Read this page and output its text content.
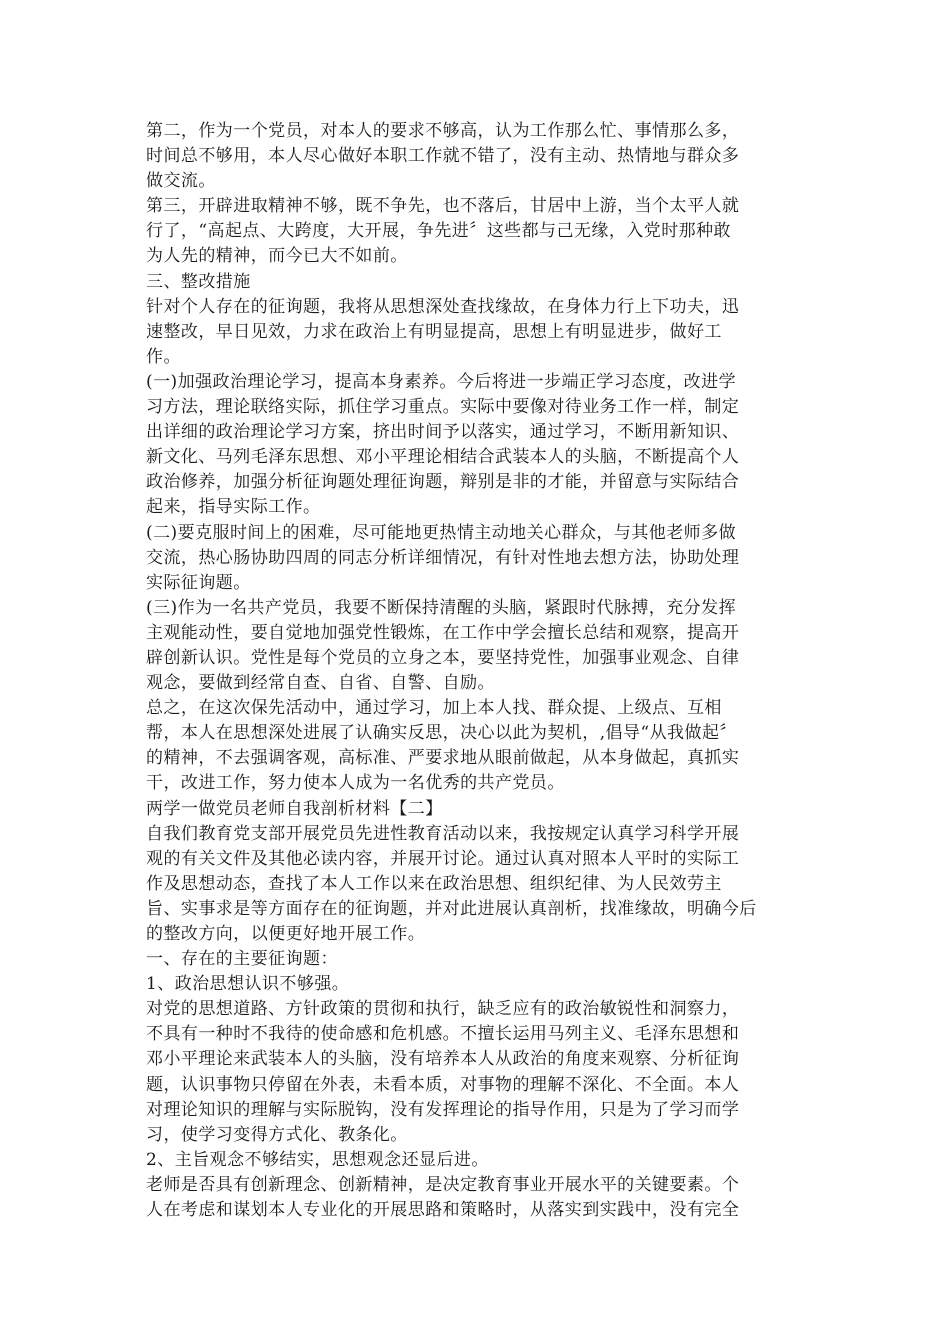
第二，作为一个党员，对本人的要求不够高，认为工作那么忙、事情那么多，
时间总不够用，本人尽心做好本职工作就不错了，没有主动、热情地与群众多
做交流。
第三，开辟进取精神不够，既不争先，也不落后，甘居中上游，当个太平人就
行了，“高起点、大跨度，大开展，争先进〞这些都与己无缘，入党时那种敢
为人先的精神，而今已大不如前。
三、整改措施
针对个人存在的征询题，我将从思想深处查找缘故，在身体力行上下功夫，迅
速整改，早日见效，力求在政治上有明显提高，思想上有明显进步，做好工
作。
(一)加强政治理论学习，提高本身素养。今后将进一步端正学习态度，改进学
习方法，理论联络实际，抓住学习重点。实际中要像对待业务工作一样，制定
出详细的政治理论学习方案，挤出时间予以落实，通过学习，不断用新知识、
新文化、马列毛泽东思想、邓小平理论相结合武装本人的头脑，不断提高个人
政治修养，加强分析征询题处理征询题，辩别是非的才能，并留意与实际结合
起来，指导实际工作。
(二)要克服时间上的困难，尽可能地更热情主动地关心群众，与其他老师多做
交流，热心肠协助四周的同志分析详细情况，有针对性地去想方法，协助处理
实际征询题。
(三)作为一名共产党员，我要不断保持清醒的头脑，紧跟时代脉搏，充分发挥
主观能动性，要自觉地加强党性锻炼，在工作中学会擅长总结和观察，提高开
辟创新认识。党性是每个党员的立身之本，要坚持党性，加强事业观念、自律
观念，要做到经常自查、自省、自警、自励。
总之，在这次保先活动中，通过学习，加上本人找、群众提、上级点、互相
帮，本人在思想深处进展了认确实反思，决心以此为契机，,倡导“从我做起〞
的精神，不去强调客观，高标准、严要求地从眼前做起，从本身做起，真抓实
干，改进工作，努力使本人成为一名优秀的共产党员。
两学一做党员老师自我剖析材料【二】
自我们教育党支部开展党员先进性教育活动以来，我按规定认真学习科学开展
观的有关文件及其他必读内容，并展开讨论。通过认真对照本人平时的实际工
作及思想动态，查找了本人工作以来在政治思想、组织纪律、为人民效劳主
旨、实事求是等方面存在的征询题，并对此进展认真剖析，找准缘故，明确今后
的整改方向，以便更好地开展工作。
一、存在的主要征询题：
1、政治思想认识不够强。
对党的思想道路、方针政策的贯彻和执行，缺乏应有的政治敏锐性和洞察力，
不具有一种时不我待的使命感和危机感。不擅长运用马列主义、毛泽东思想和
邓小平理论来武装本人的头脑，没有培养本人从政治的角度来观察、分析征询
题，认识事物只停留在外表，未看本质，对事物的理解不深化、不全面。本人
对理论知识的理解与实际脱钩，没有发挥理论的指导作用，只是为了学习而学
习，使学习变得方式化、教条化。
2、主旨观念不够结实，思想观念还显后进。
老师是否具有创新理念、创新精神，是决定教育事业开展水平的关键要素。个
人在考虑和谋划本人专业化的开展思路和策略时，从落实到实践中，没有完全
